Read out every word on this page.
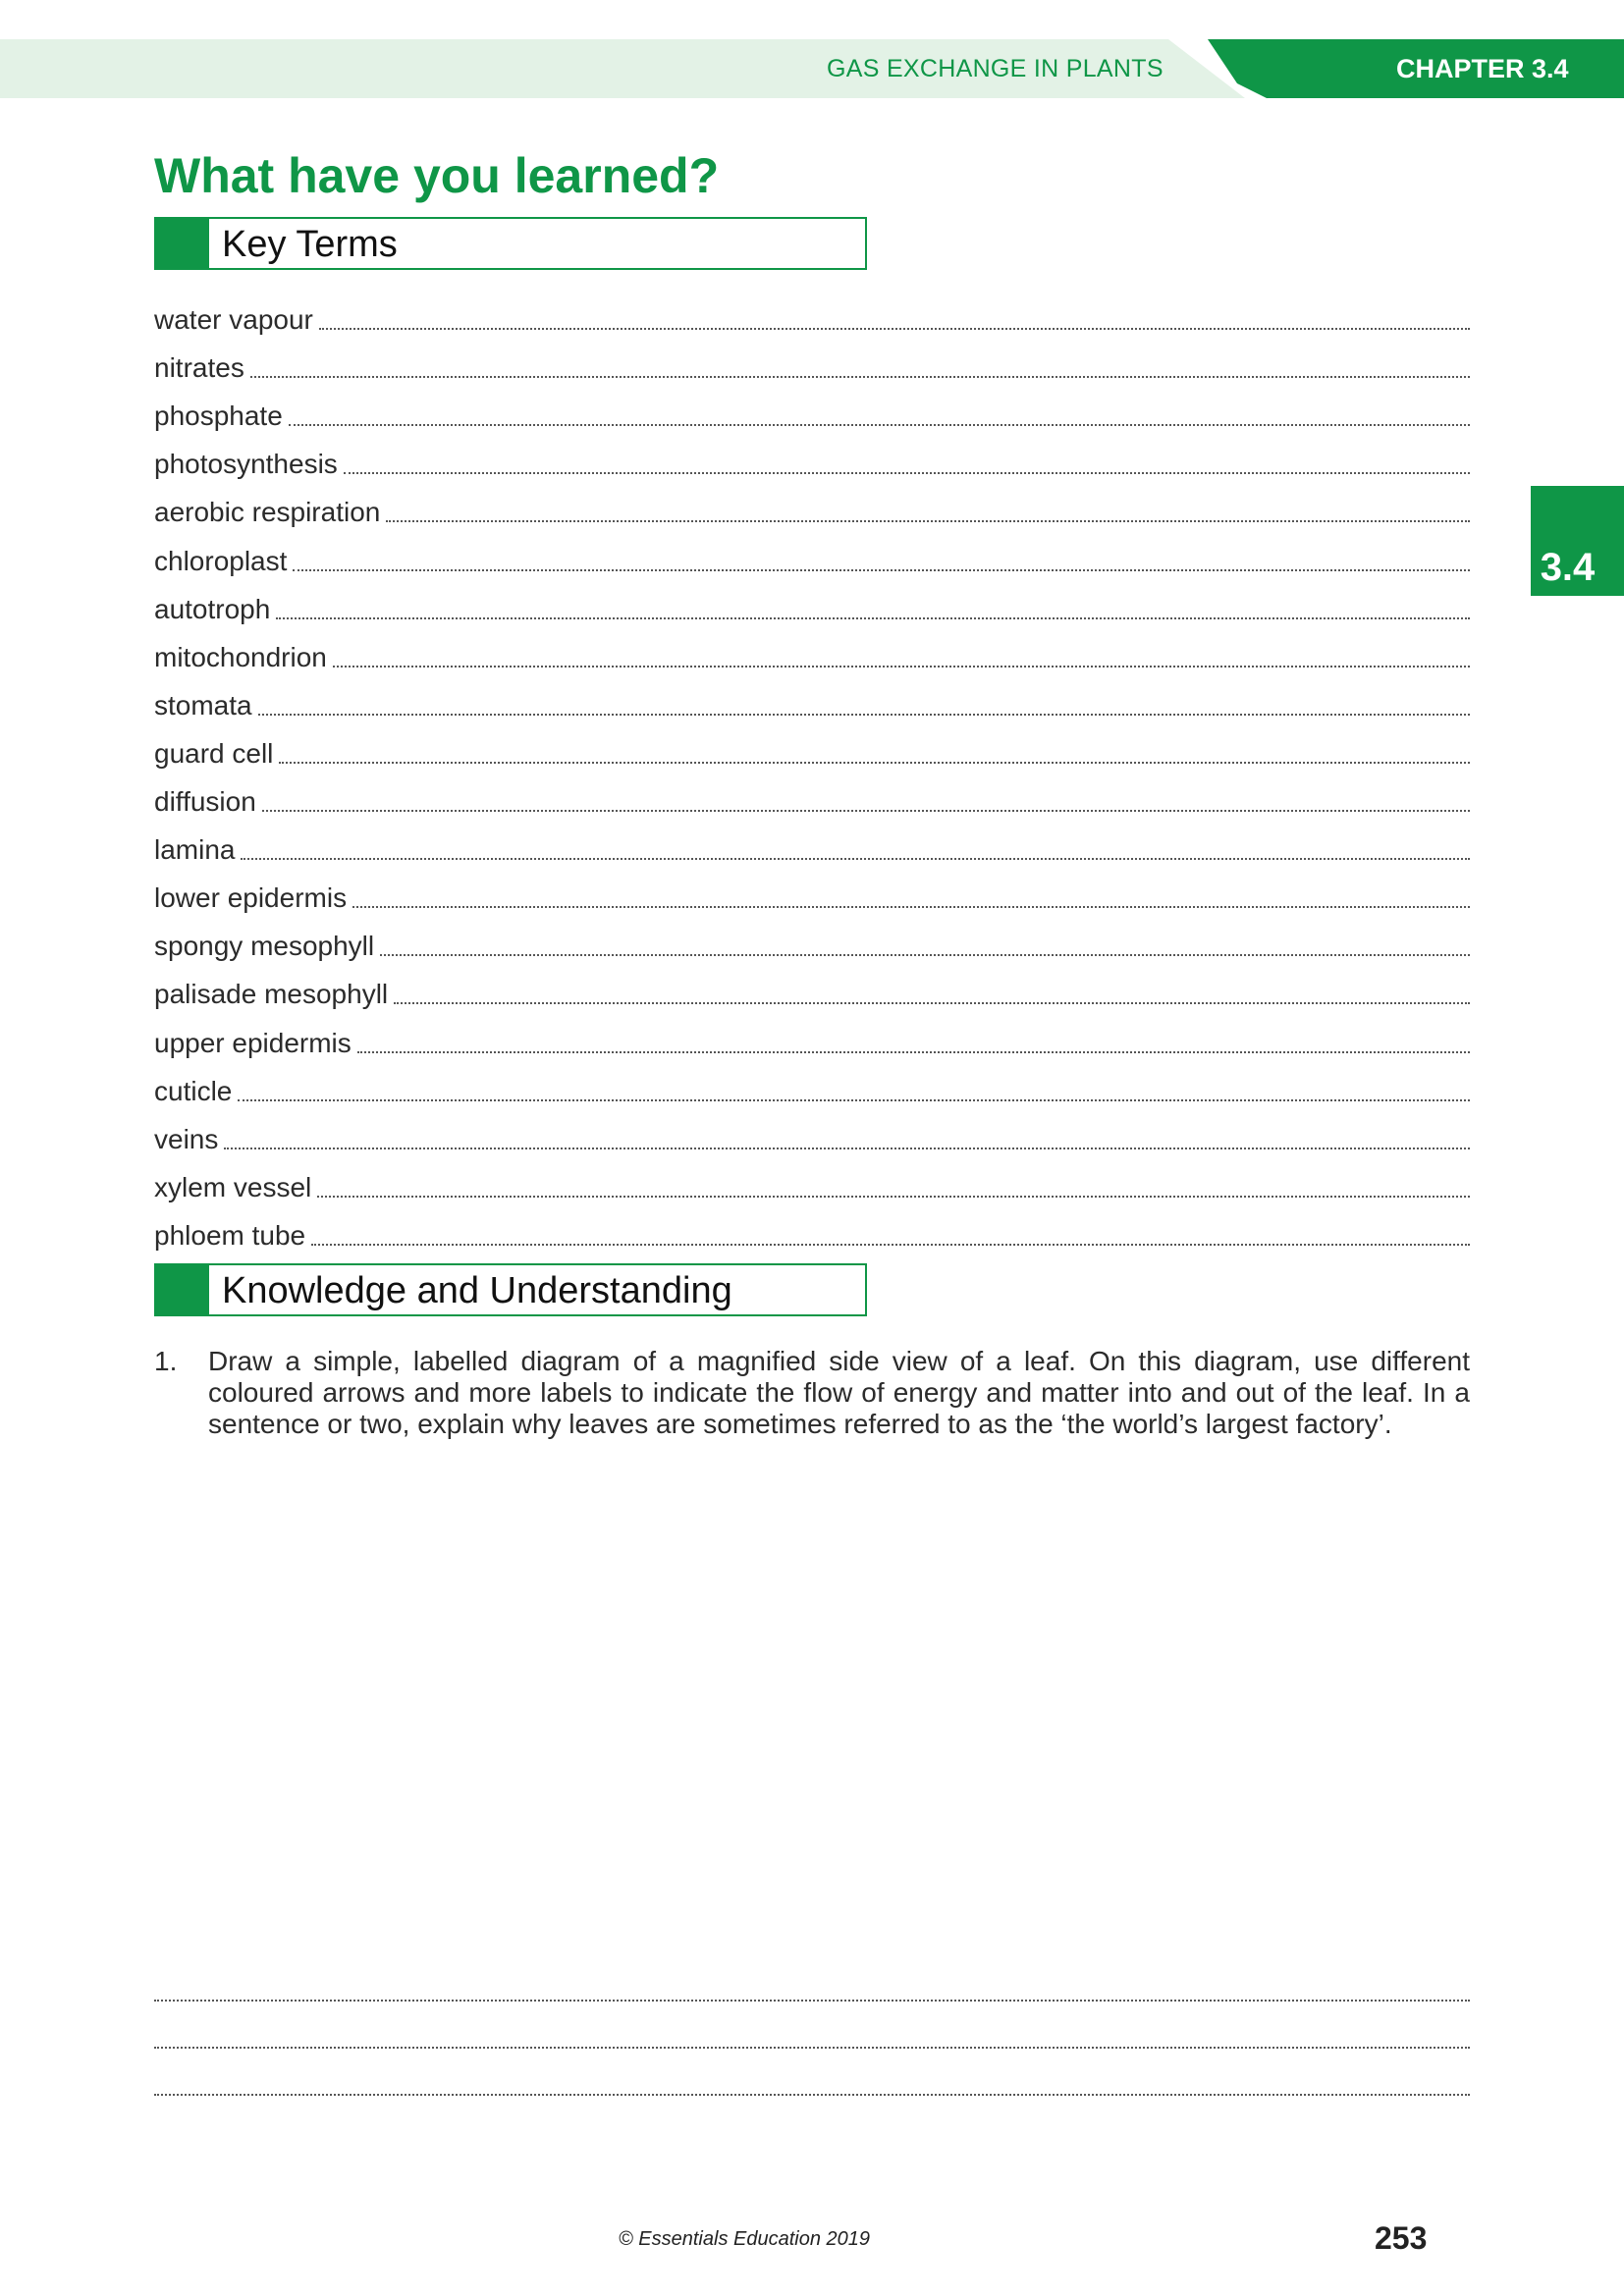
GAS EXCHANGE IN PLANTS	CHAPTER 3.4
3.4
What have you learned?
Key Terms
water vapour
nitrates
phosphate
photosynthesis
aerobic respiration
chloroplast
autotroph
mitochondrion
stomata
guard cell
diffusion
lamina
lower epidermis
spongy mesophyll
palisade mesophyll
upper epidermis
cuticle
veins
xylem vessel
phloem tube
Knowledge and Understanding
1. Draw a simple, labelled diagram of a magnified side view of a leaf. On this diagram, use different coloured arrows and more labels to indicate the flow of energy and matter into and out of the leaf. In a sentence or two, explain why leaves are sometimes referred to as the ‘the world’s largest factory’.
© Essentials Education 2019	253
